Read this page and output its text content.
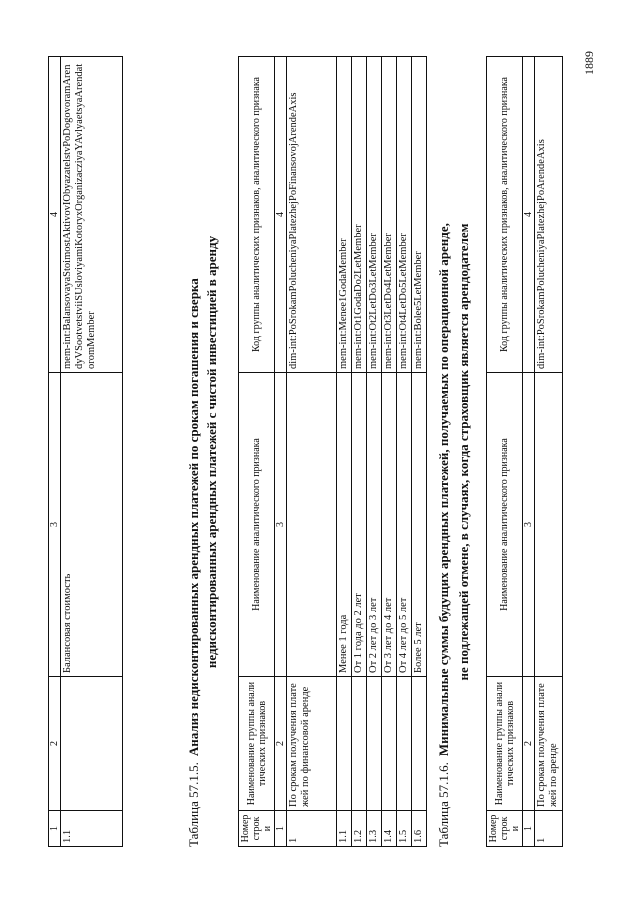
1	2	3	4
1.1		Балансовая стоимость	mem-int:BalansovayaStoimostAktivovIObyazatelstvPoDogovoramArendyVSootvetstviiSUsloviyamiKotoryxOrganizacziyaYAvlyaetsyaArendatoromMember
Таблица 57.1.5.Анализ недисконтированных арендных платежей по срокам погашения и сверка недисконтированных арендных платежей с чистой инвестицией в аренду
Номер строки	Наименование группы аналитических признаков	Наименование аналитического признака	Код группы аналитических признаков, аналитического признака
1	2	3	4
1	По срокам получения платежей по финансовой аренде		dim-int:PoSrokamPolucheniyaPlatezhejPoFinansovojArendeAxis
1.1		Менее 1 года	mem-int:Menee1GodaMember
1.2		От 1 года до 2 лет	mem-int:Ot1GodaDo2LetMember
1.3		От 2 лет до 3 лет	mem-int:Ot2LetDo3LetMember
1.4		От 3 лет до 4 лет	mem-int:Ot3LetDo4LetMember
1.5		От 4 лет до 5 лет	mem-int:Ot4LetDo5LetMember
1.6		Более 5 лет	mem-int:Bolee5LetMember
Таблица 57.1.6.Минимальные суммы будущих арендных платежей, получаемых по операционной аренде, не подлежащей отмене, в случаях, когда страховщик является арендодателем
Номер строки	Наименование группы аналитических признаков	Наименование аналитического признака	Код группы аналитических признаков, аналитического признака
1	2	3	4
1	По срокам получения платежей по аренде		dim-int:PoSrokamPolucheniyaPlatezhejPoArendeAxis
1889
